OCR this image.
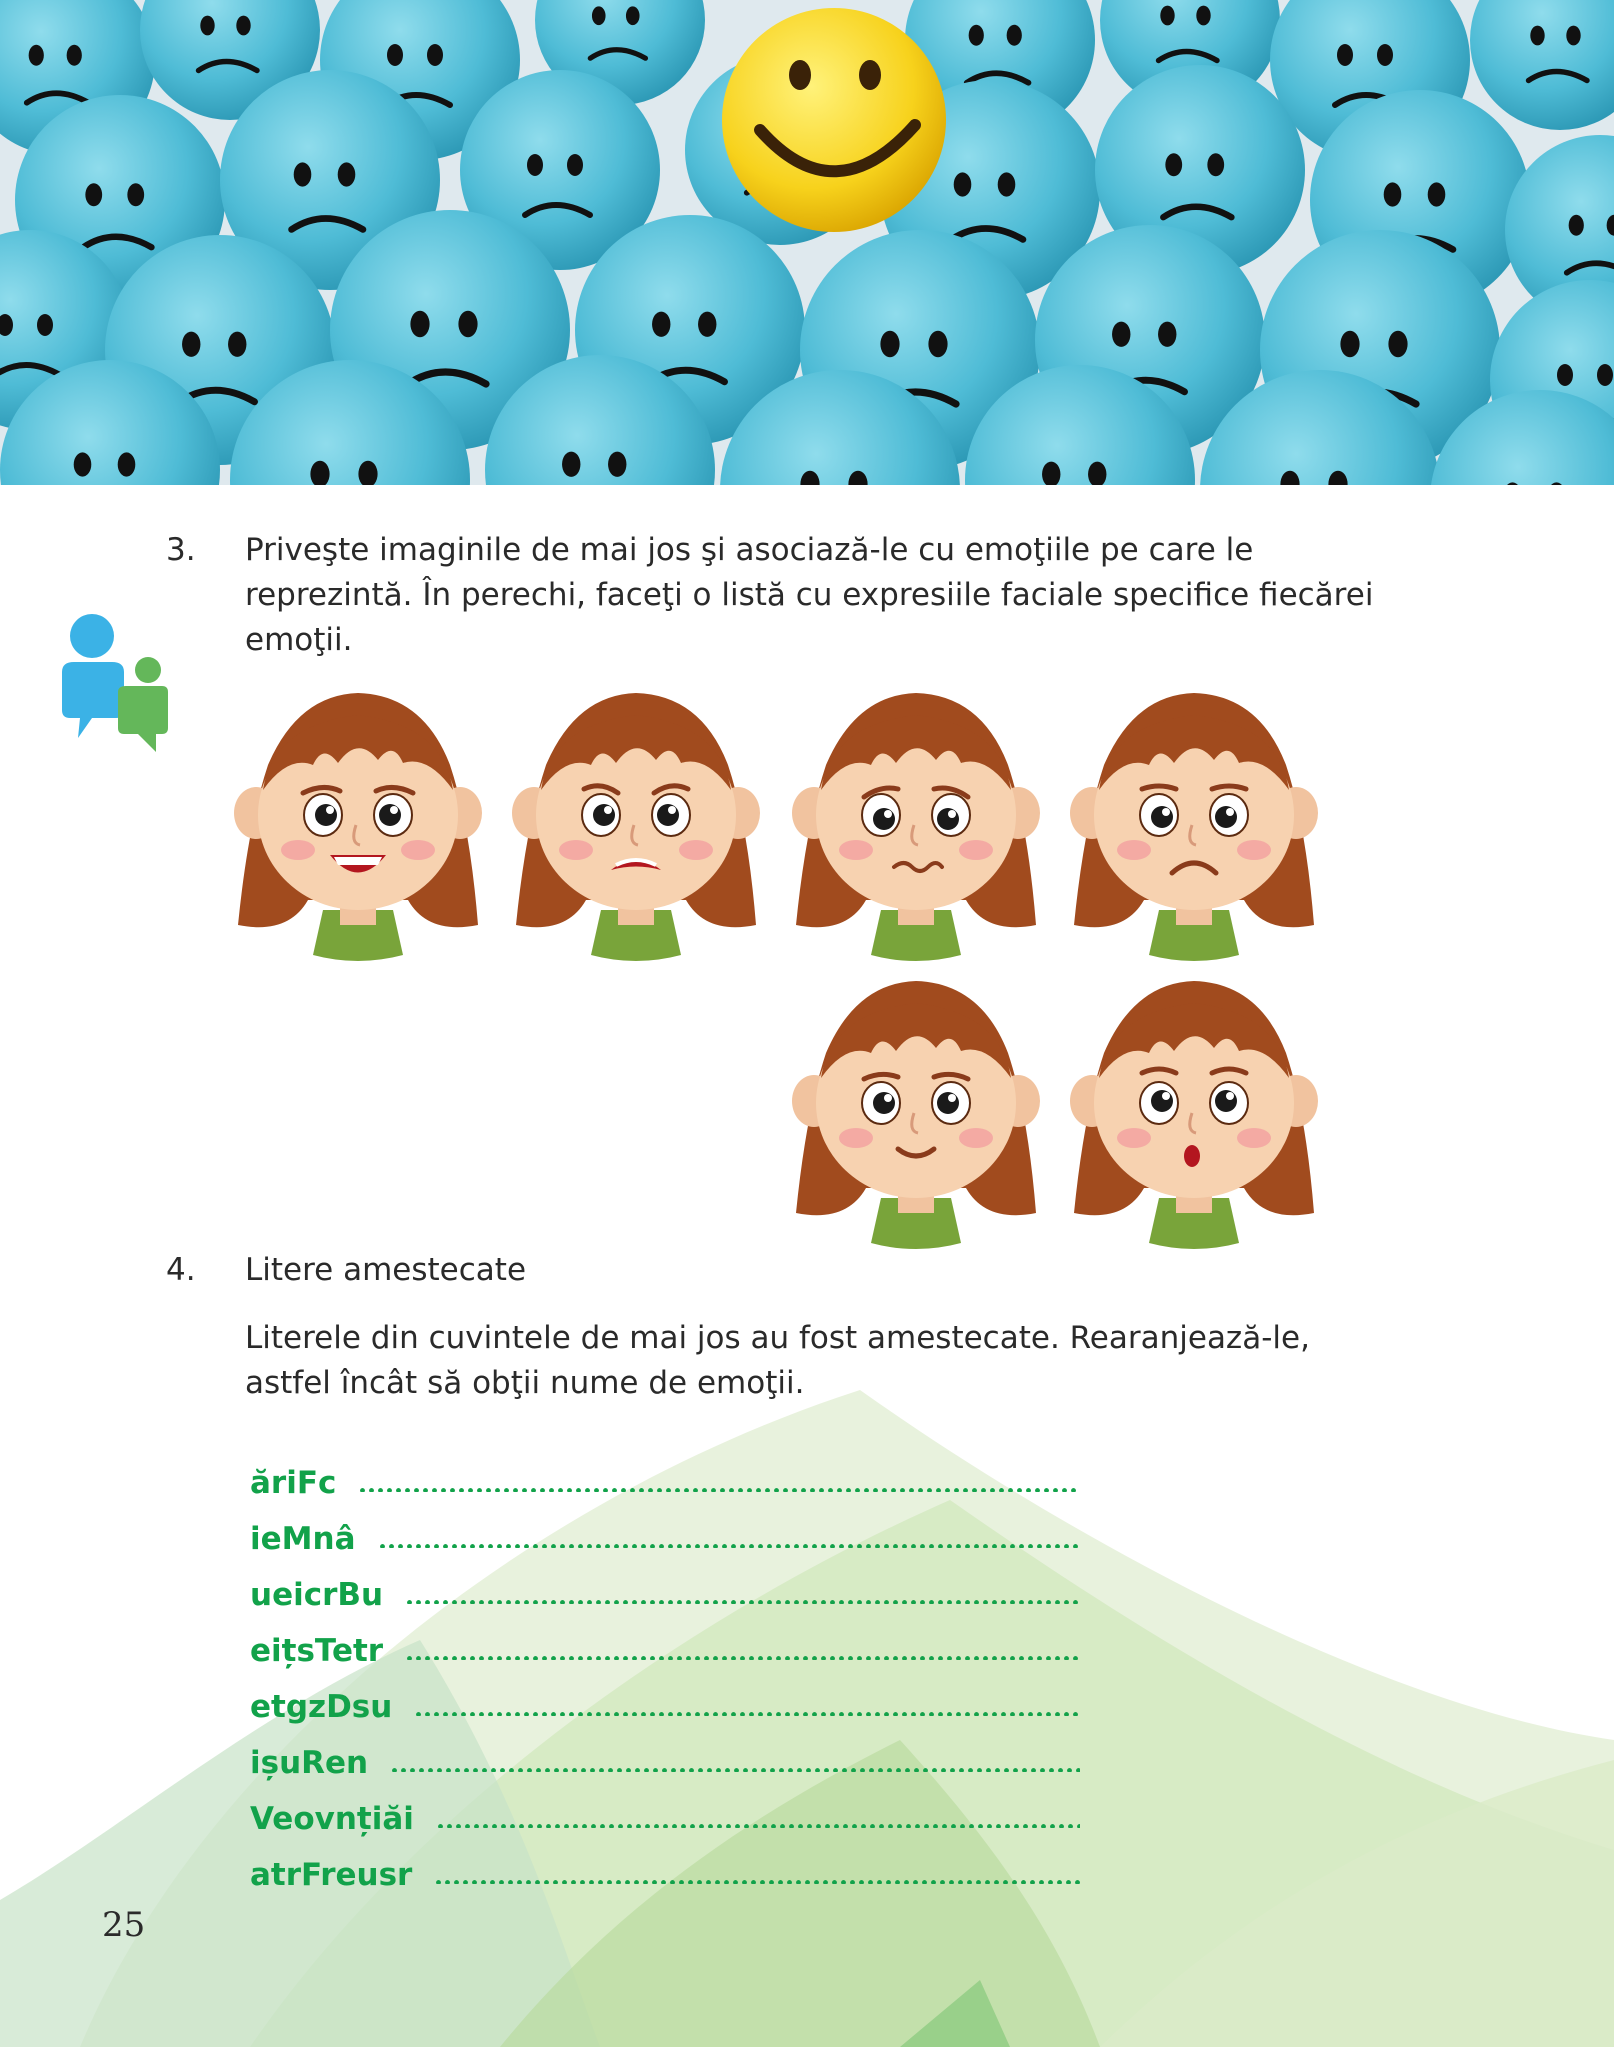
3. Priveşte imaginile de mai jos şi asociază-le cu emoţiile pe care le reprezintă. În perechi, faceţi o listă cu expresiile faciale specifice fiecărei emoţii.
4. Litere amestecate
Literele din cuvintele de mai jos au fost amestecate. Rearanjează-le, astfel încât să obţii nume de emoţii.
ăriFc
ieMnâ
ueicrBu
eițsTetr
etgzDsu
ișuRen
Veovnțiăi
atrFreusr
25
